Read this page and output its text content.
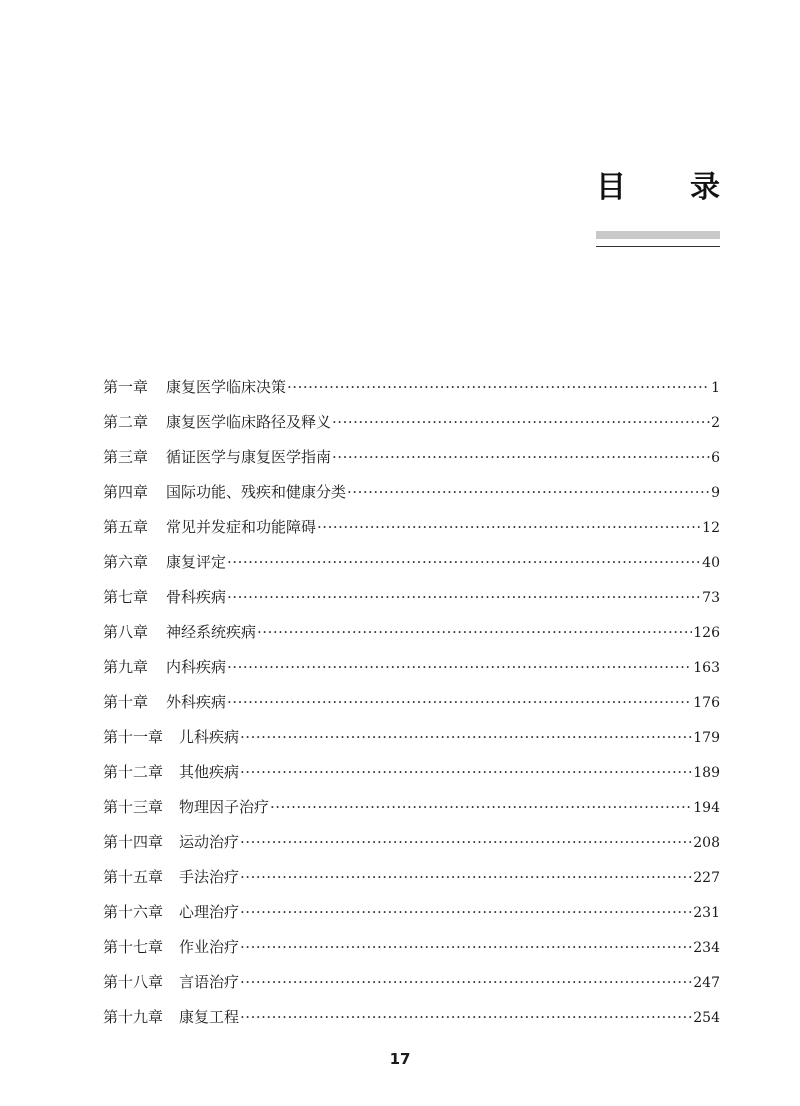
目 录
第一章 康复医学临床决策 ·····	1
第二章 康复医学临床路径及释义 ·····	2
第三章 循证医学与康复医学指南 ·····	6
第四章 国际功能、残疾和健康分类 ·····	9
第五章 常见并发症和功能障碍 ·····	12
第六章 康复评定 ·····	40
第七章 骨科疾病 ·····	73
第八章 神经系统疾病 ·····	126
第九章 内科疾病 ·····	163
第十章 外科疾病 ·····	176
第十一章 儿科疾病 ·····	179
第十二章 其他疾病 ·····	189
第十三章 物理因子治疗 ·····	194
第十四章 运动治疗 ·····	208
第十五章 手法治疗 ·····	227
第十六章 心理治疗 ·····	231
第十七章 作业治疗 ·····	234
第十八章 言语治疗 ·····	247
第十九章 康复工程 ·····	254
17
